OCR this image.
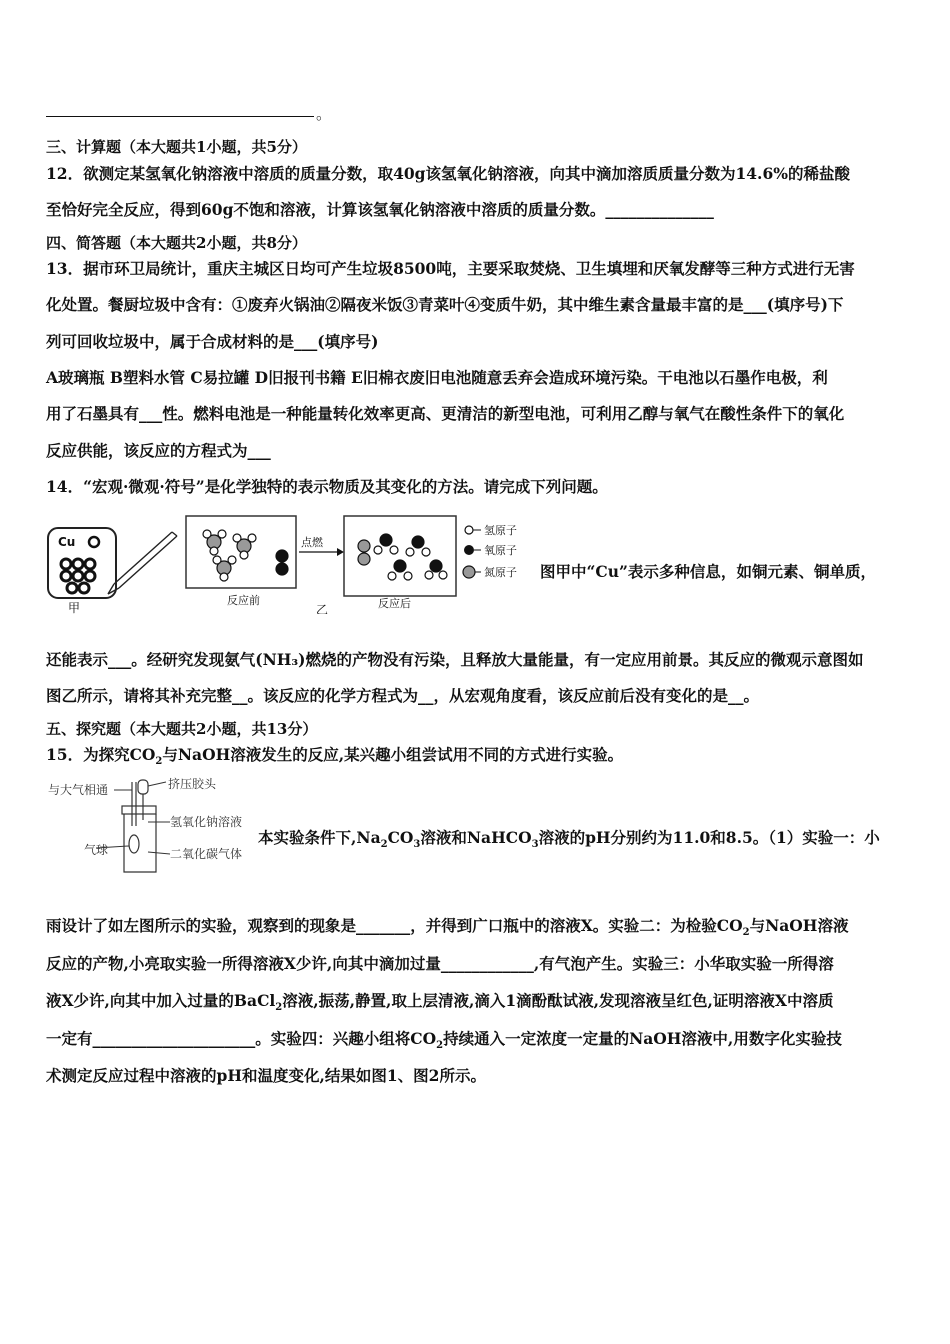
。
三、计算题（本大题共1小题，共5分）
12．欲测定某氢氧化钠溶液中溶质的质量分数，取40g该氢氧化钠溶液，向其中滴加溶质质量分数为14.6%的稀盐酸
至恰好完全反应，得到60g不饱和溶液，计算该氢氧化钠溶液中溶质的质量分数。______________
四、简答题（本大题共2小题，共8分）
13．据市环卫局统计，重庆主城区日均可产生垃圾8500吨，主要采取焚烧、卫生填埋和厌氧发酵等三种方式进行无害
化处置。餐厨垃圾中含有：①废弃火锅油②隔夜米饭③青菜叶④变质牛奶，其中维生素含量最丰富的是___(填序号)下
列可回收垃圾中，属于合成材料的是___(填序号)
A玻璃瓶 B塑料水管 C易拉罐 D旧报刊书籍 E旧棉衣废旧电池随意丢弃会造成环境污染。干电池以石墨作电极，利
用了石墨具有___性。燃料电池是一种能量转化效率更高、更清洁的新型电池，可利用乙醇与氧气在酸性条件下的氧化
反应供能，该反应的方程式为___
14．“宏观·微观·符号”是化学独特的表示物质及其变化的方法。请完成下列问题。
Cu
甲
反应前
点燃
乙	反应后
氢原子
氧原子
氮原子 图甲中“Cu”表示多种信息，如铜元素、铜单质，
还能表示___。经研究发现氨气(NH₃)燃烧的产物没有污染，且释放大量能量，有一定应用前景。其反应的微观示意图如
图乙所示，请将其补充完整__。该反应的化学方程式为__，从宏观角度看，该反应前后没有变化的是__。
五、探究题（本大题共2小题，共13分）
15．为探究$CO_2$与NaOH溶液发生的反应,某兴趣小组尝试用不同的方式进行实验。
与大气相通	挤压胶头
氢氧化钠溶液
气球	二氧化碳气体
本实验条件下$,Na_2CO_3$溶液和NaHCO$_3$溶液的pH分别约为11.0和8.5。（1）实验一：小
雨设计了如左图所示的实验，观察到的现象是_______，并得到广口瓶中的溶液X。实验二：为检验$CO_2$与NaOH溶液
反应的产物,小亮取实验一所得溶液X少许,向其中滴加过量____________,有气泡产生。实验三：小华取实验一所得溶
液X少许,向其中加入过量的BaCl$_2$溶液,振荡,静置,取上层清液,滴入1滴酚酞试液,发现溶液呈红色,证明溶液X中溶质
一定有_____________________。实验四：兴趣小组将$CO_2$持续通入一定浓度一定量的NaOH溶液中,用数字化实验技
术测定反应过程中溶液的pH和温度变化,结果如图1、图2所示。
